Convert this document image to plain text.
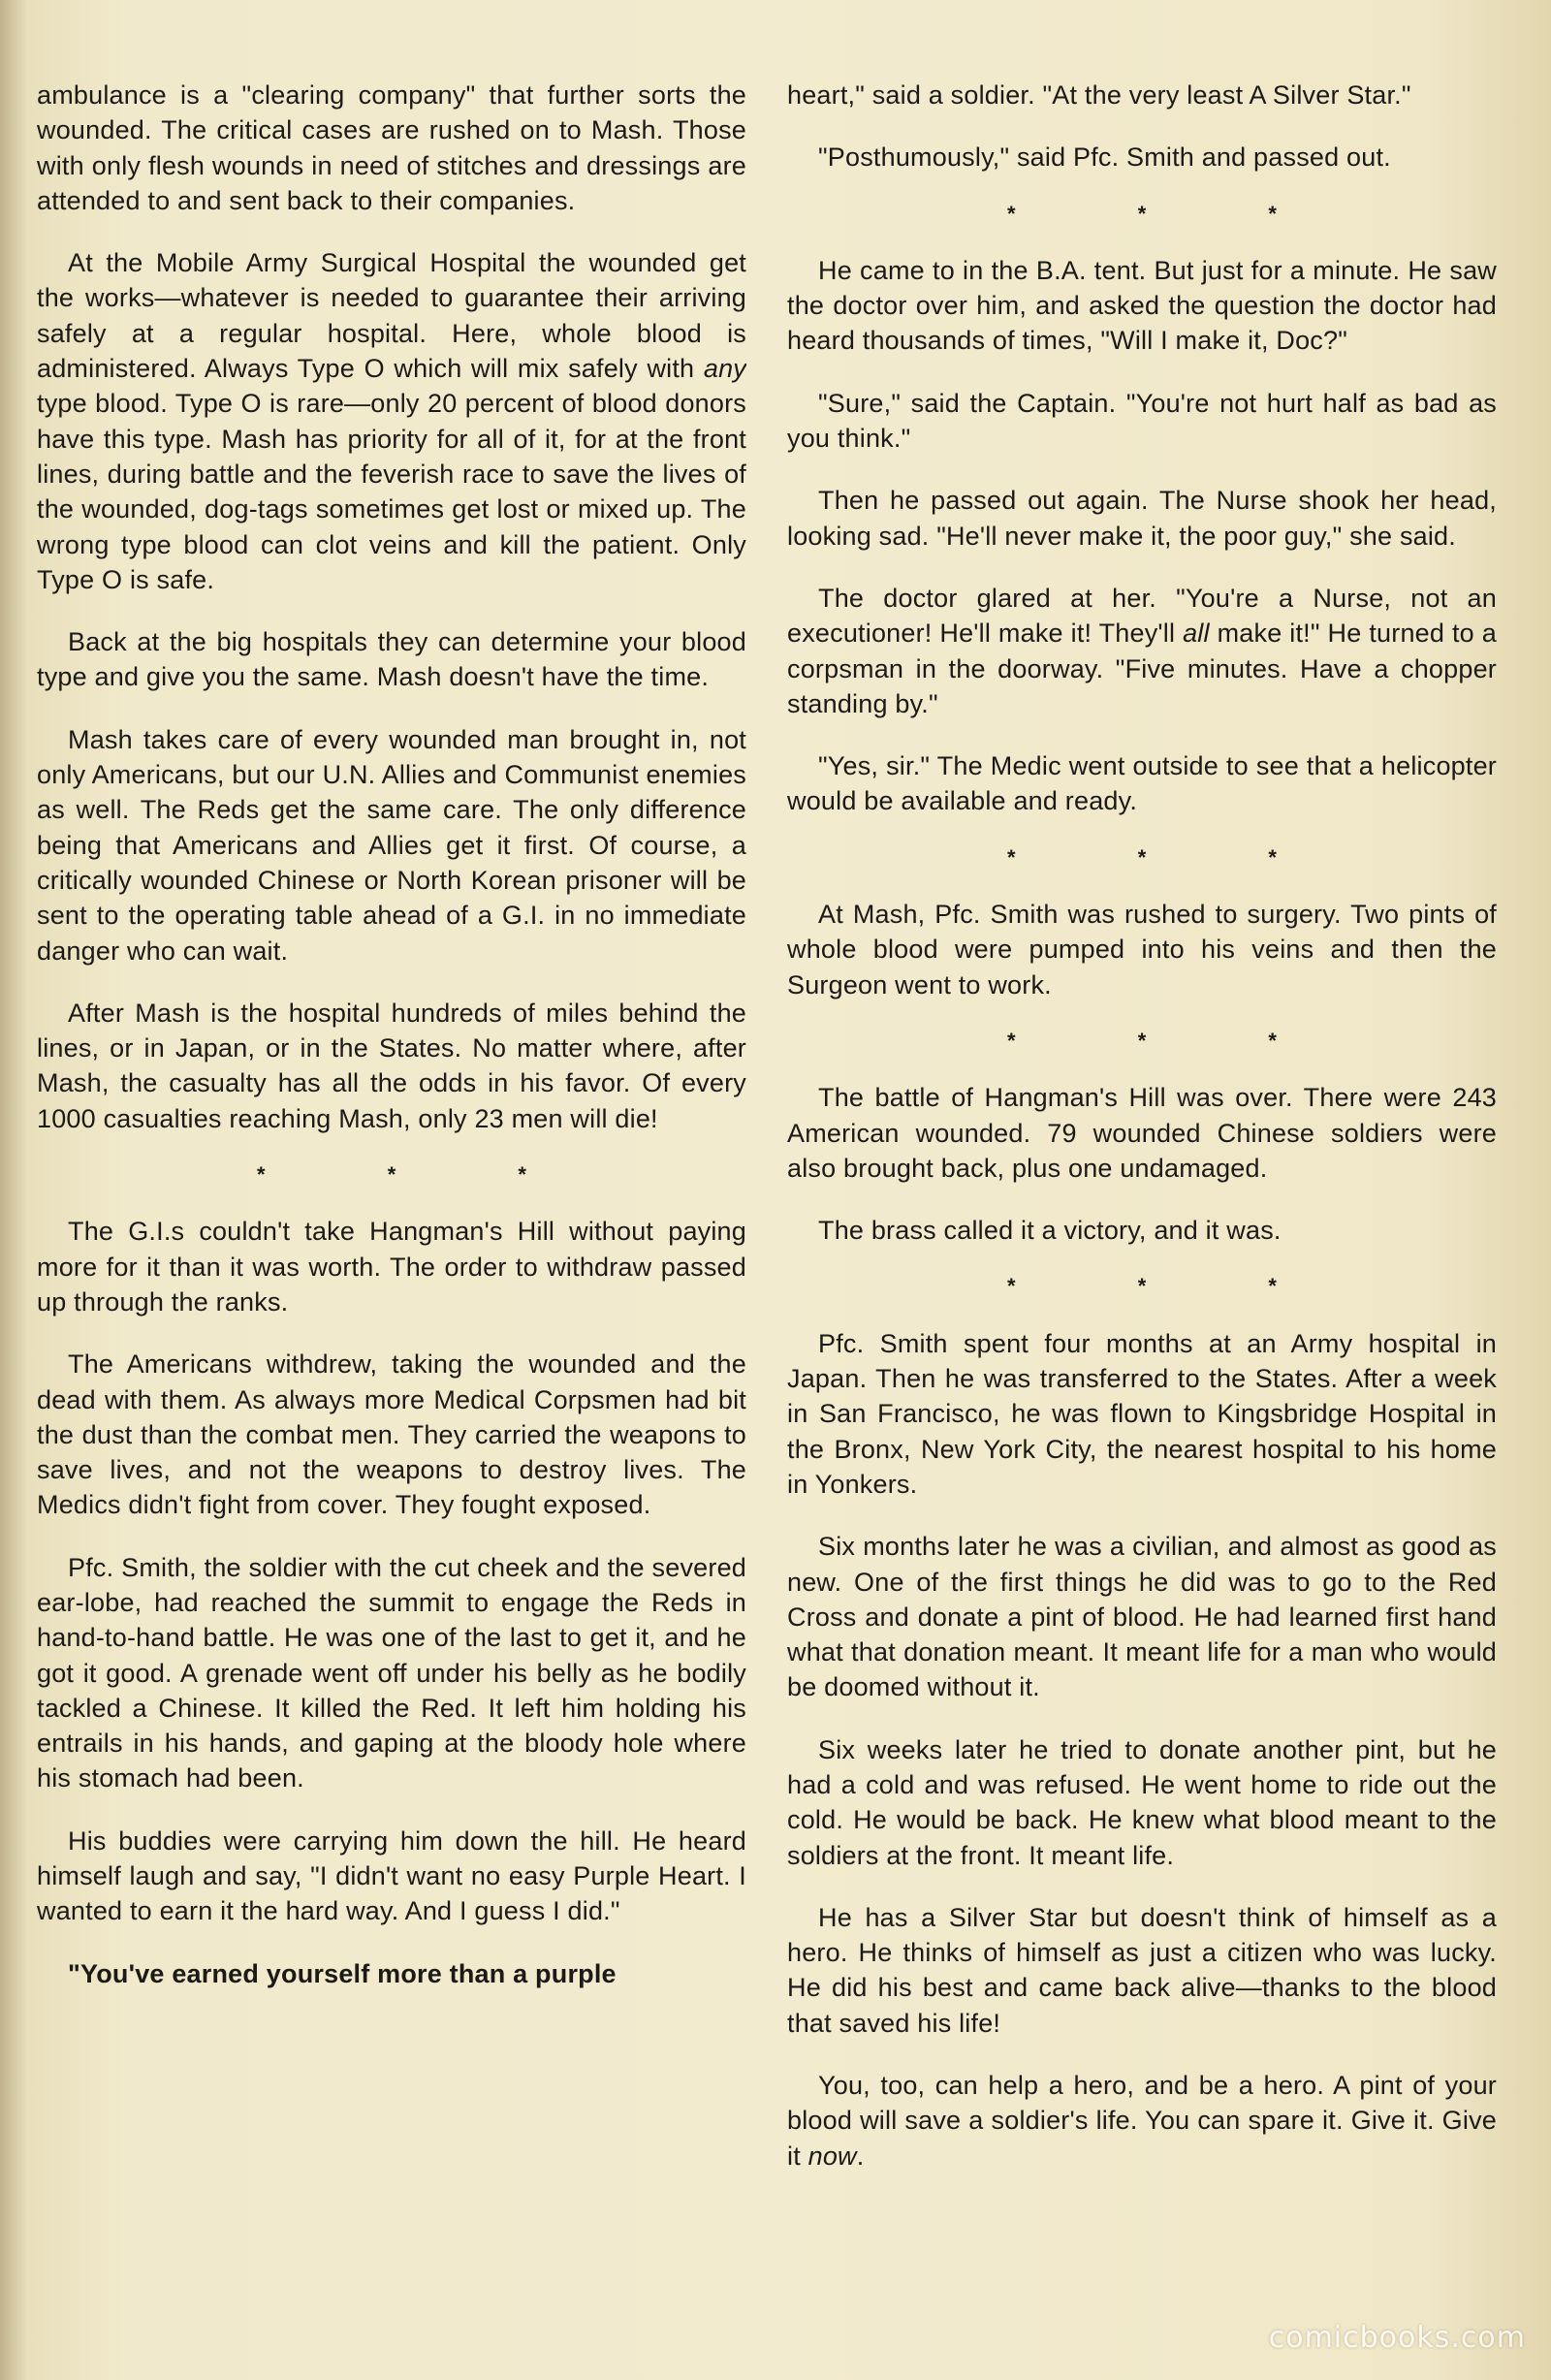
ambulance is a "clearing company" that further sorts the wounded. The critical cases are rushed on to Mash. Those with only flesh wounds in need of stitches and dressings are attended to and sent back to their companies.

At the Mobile Army Surgical Hospital the wounded get the works—whatever is needed to guarantee their arriving safely at a regular hospital. Here, whole blood is administered. Always Type O which will mix safely with any type blood. Type O is rare—only 20 percent of blood donors have this type. Mash has priority for all of it, for at the front lines, during battle and the feverish race to save the lives of the wounded, dog-tags sometimes get lost or mixed up. The wrong type blood can clot veins and kill the patient. Only Type O is safe.

Back at the big hospitals they can determine your blood type and give you the same. Mash doesn't have the time.

Mash takes care of every wounded man brought in, not only Americans, but our U.N. Allies and Communist enemies as well. The Reds get the same care. The only difference being that Americans and Allies get it first. Of course, a critically wounded Chinese or North Korean prisoner will be sent to the operating table ahead of a G.I. in no immediate danger who can wait.

After Mash is the hospital hundreds of miles behind the lines, or in Japan, or in the States. No matter where, after Mash, the casualty has all the odds in his favor. Of every 1000 casualties reaching Mash, only 23 men will die!

* * *

The G.I.s couldn't take Hangman's Hill without paying more for it than it was worth. The order to withdraw passed up through the ranks.

The Americans withdrew, taking the wounded and the dead with them. As always more Medical Corpsmen had bit the dust than the combat men. They carried the weapons to save lives, and not the weapons to destroy lives. The Medics didn't fight from cover. They fought exposed.

Pfc. Smith, the soldier with the cut cheek and the severed ear-lobe, had reached the summit to engage the Reds in hand-to-hand battle. He was one of the last to get it, and he got it good. A grenade went off under his belly as he bodily tackled a Chinese. It killed the Red. It left him holding his entrails in his hands, and gaping at the bloody hole where his stomach had been.

His buddies were carrying him down the hill. He heard himself laugh and say, "I didn't want no easy Purple Heart. I wanted to earn it the hard way. And I guess I did."

"You've earned yourself more than a purple

heart," said a soldier. "At the very least A Silver Star."

"Posthumously," said Pfc. Smith and passed out.

* * *

He came to in the B.A. tent. But just for a minute. He saw the doctor over him, and asked the question the doctor had heard thousands of times, "Will I make it, Doc?"

"Sure," said the Captain. "You're not hurt half as bad as you think."

Then he passed out again. The Nurse shook her head, looking sad. "He'll never make it, the poor guy," she said.

The doctor glared at her. "You're a Nurse, not an executioner! He'll make it! They'll all make it!" He turned to a corpsman in the doorway. "Five minutes. Have a chopper standing by."

"Yes, sir." The Medic went outside to see that a helicopter would be available and ready.

* * *

At Mash, Pfc. Smith was rushed to surgery. Two pints of whole blood were pumped into his veins and then the Surgeon went to work.

* * *

The battle of Hangman's Hill was over. There were 243 American wounded. 79 wounded Chinese soldiers were also brought back, plus one undamaged.

The brass called it a victory, and it was.

* * *

Pfc. Smith spent four months at an Army hospital in Japan. Then he was transferred to the States. After a week in San Francisco, he was flown to Kingsbridge Hospital in the Bronx, New York City, the nearest hospital to his home in Yonkers.

Six months later he was a civilian, and almost as good as new. One of the first things he did was to go to the Red Cross and donate a pint of blood. He had learned first hand what that donation meant. It meant life for a man who would be doomed without it.

Six weeks later he tried to donate another pint, but he had a cold and was refused. He went home to ride out the cold. He would be back. He knew what blood meant to the soldiers at the front. It meant life.

He has a Silver Star but doesn't think of himself as a hero. He thinks of himself as just a citizen who was lucky. He did his best and came back alive—thanks to the blood that saved his life!

You, too, can help a hero, and be a hero. A pint of your blood will save a soldier's life. You can spare it. Give it. Give it now.

comicbooks.com
